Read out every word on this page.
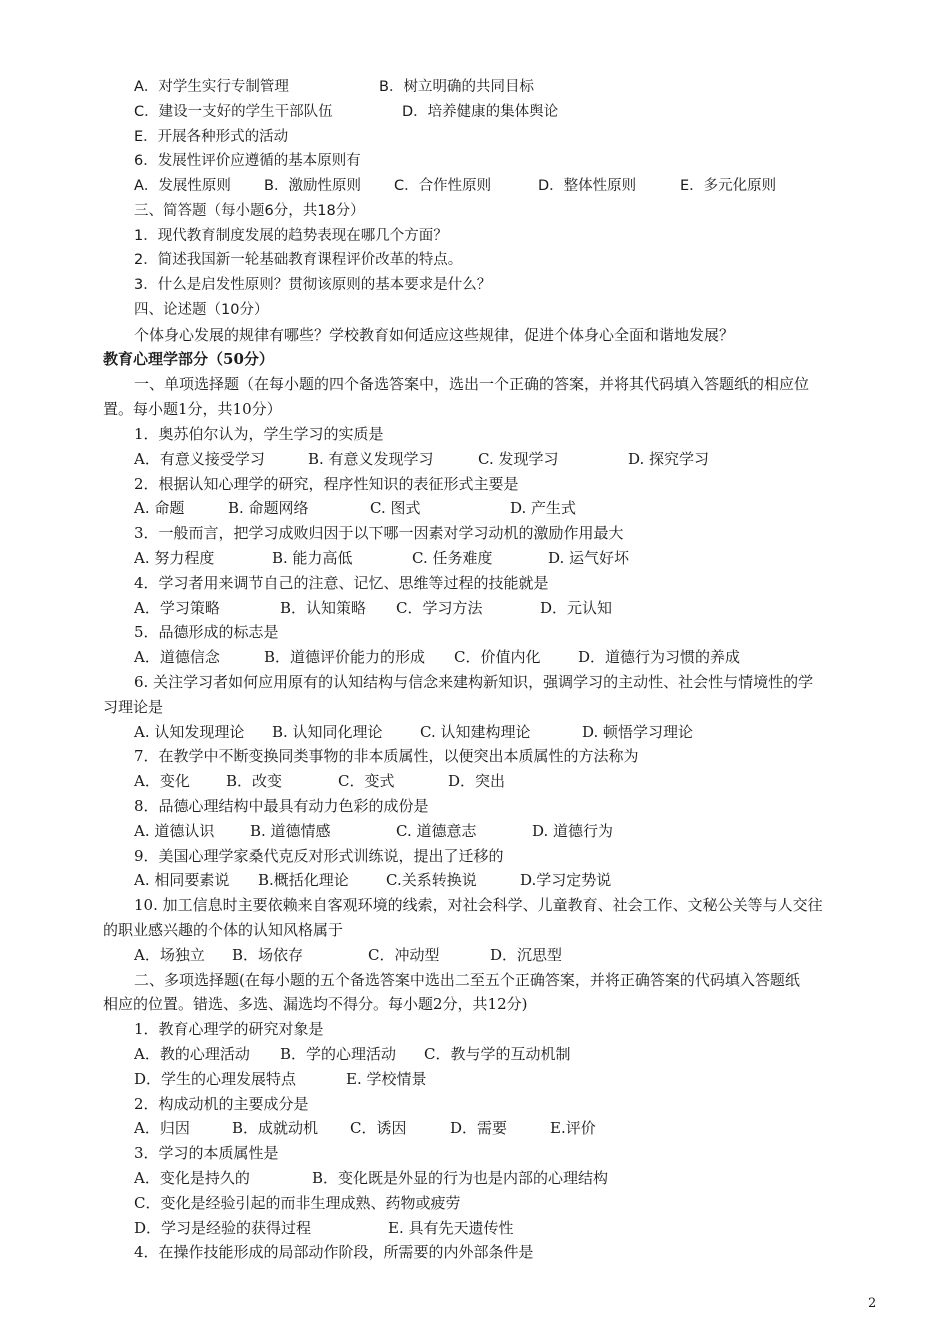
A．对学生实行专制管理	B．树立明确的共同目标
C．建设一支好的学生干部队伍	D．培养健康的集体舆论
E．开展各种形式的活动
6．发展性评价应遵循的基本原则有
A．发展性原则 B．激励性原则 C．合作性原则	D．整体性原则	E．多元化原则
三、简答题（每小题6分，共18分）
1．现代教育制度发展的趋势表现在哪几个方面？
2．简述我国新一轮基础教育课程评价改革的特点。
3．什么是启发性原则？贯彻该原则的基本要求是什么？
四、论述题（10分）
个体身心发展的规律有哪些？学校教育如何适应这些规律，促进个体身心全面和谐地发展？
教育心理学部分（50分）
一、单项选择题（在每小题的四个备选答案中，选出一个正确的答案，并将其代码填入答题纸的相应位
置。每小题1分，共10分）
1．奥苏伯尔认为，学生学习的实质是
A．有意义接受学习	B. 有意义发现学习	C. 发现学习	D. 探究学习
2．根据认知心理学的研究，程序性知识的表征形式主要是
A. 命题	B. 命题网络	C. 图式	D. 产生式
3．一般而言，把学习成败归因于以下哪一因素对学习动机的激励作用最大
A. 努力程度	B. 能力高低	C. 任务难度	D. 运气好坏
4．学习者用来调节自己的注意、记忆、思维等过程的技能就是
A．学习策略	B．认知策略 C．学习方法	D．元认知
5．品德形成的标志是
A．道德信念	B．道德评价能力的形成 C．价值内化	D．道德行为习惯的养成
6. 关注学习者如何应用原有的认知结构与信念来建构新知识，强调学习的主动性、社会性与情境性的学
习理论是
A. 认知发现理论 B. 认知同化理论 C. 认知建构理论	D. 顿悟学习理论
7．在教学中不断变换同类事物的非本质属性，以便突出本质属性的方法称为
A．变化 B．改变	C．变式	D．突出
8．品德心理结构中最具有动力色彩的成份是
A. 道德认识 B. 道德情感	C. 道德意志	D. 道德行为
9．美国心理学家桑代克反对形式训练说，提出了迁移的
A. 相同要素说 B.概括化理论 C.关系转换说	D.学习定势说
10. 加工信息时主要依赖来自客观环境的线索，对社会科学、儿童教育、社会工作、文秘公关等与人交往
的职业感兴趣的个体的认知风格属于
A．场独立 B．场依存	C．冲动型	D．沉思型
二、多项选择题(在每小题的五个备选答案中选出二至五个正确答案，并将正确答案的代码填入答题纸
相应的位置。错选、多选、漏选均不得分。每小题2分，共12分)
1．教育心理学的研究对象是
A．教的心理活动 B．学的心理活动 C．教与学的互动机制
D．学生的心理发展特点	E. 学校情景
2．构成动机的主要成分是
A．归因	B．成就动机 C．诱因	D．需要	E.评价
3．学习的本质属性是
A．变化是持久的	B．变化既是外显的行为也是内部的心理结构
C．变化是经验引起的而非生理成熟、药物或疲劳
D．学习是经验的获得过程	E. 具有先天遗传性
4．在操作技能形成的局部动作阶段，所需要的内外部条件是
2
